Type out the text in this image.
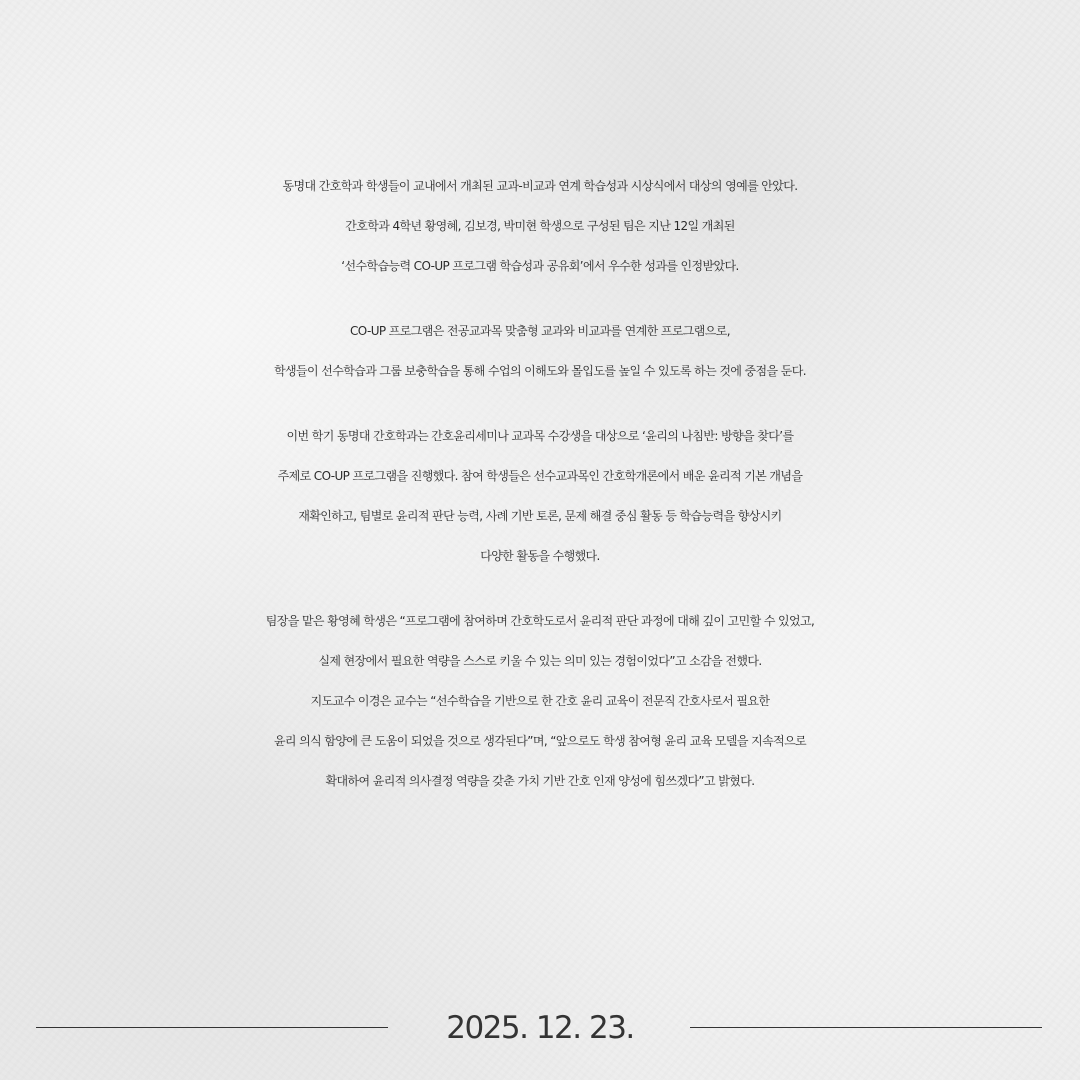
동명대 간호학과 학생들이 교내에서 개최된 교과-비교과 연계 학습성과 시상식에서 대상의 영예를 안았다.
간호학과 4학년 황영혜, 김보경, 박미현 학생으로 구성된 팀은 지난 12일 개최된
‘선수학습능력 CO-UP 프로그램 학습성과 공유회’에서 우수한 성과를 인정받았다.
CO-UP 프로그램은 전공교과목 맞춤형 교과와 비교과를 연계한 프로그램으로,
학생들이 선수학습과 그룹 보충학습을 통해 수업의 이해도와 몰입도를 높일 수 있도록 하는 것에 중점을 둔다.
이번 학기 동명대 간호학과는 간호윤리세미나 교과목 수강생을 대상으로 ‘윤리의 나침반: 방향을 찾다’를
주제로 CO-UP 프로그램을 진행했다. 참여 학생들은 선수교과목인 간호학개론에서 배운 윤리적 기본 개념을
재확인하고, 팀별로 윤리적 판단 능력, 사례 기반 토론, 문제 해결 중심 활동 등 학습능력을 향상시키
다양한 활동을 수행했다.
팀장을 맡은 황영혜 학생은 “프로그램에 참여하며 간호학도로서 윤리적 판단 과정에 대해 깊이 고민할 수 있었고,
실제 현장에서 필요한 역량을 스스로 키울 수 있는 의미 있는 경험이었다”고 소감을 전했다.
지도교수 이경은 교수는 “선수학습을 기반으로 한 간호 윤리 교육이 전문직 간호사로서 필요한
윤리 의식 함양에 큰 도움이 되었을 것으로 생각된다”며, “앞으로도 학생 참여형 윤리 교육 모델을 지속적으로
확대하여 윤리적 의사결정 역량을 갖춘 가치 기반 간호 인재 양성에 힘쓰겠다”고 밝혔다.
2025. 12. 23.
